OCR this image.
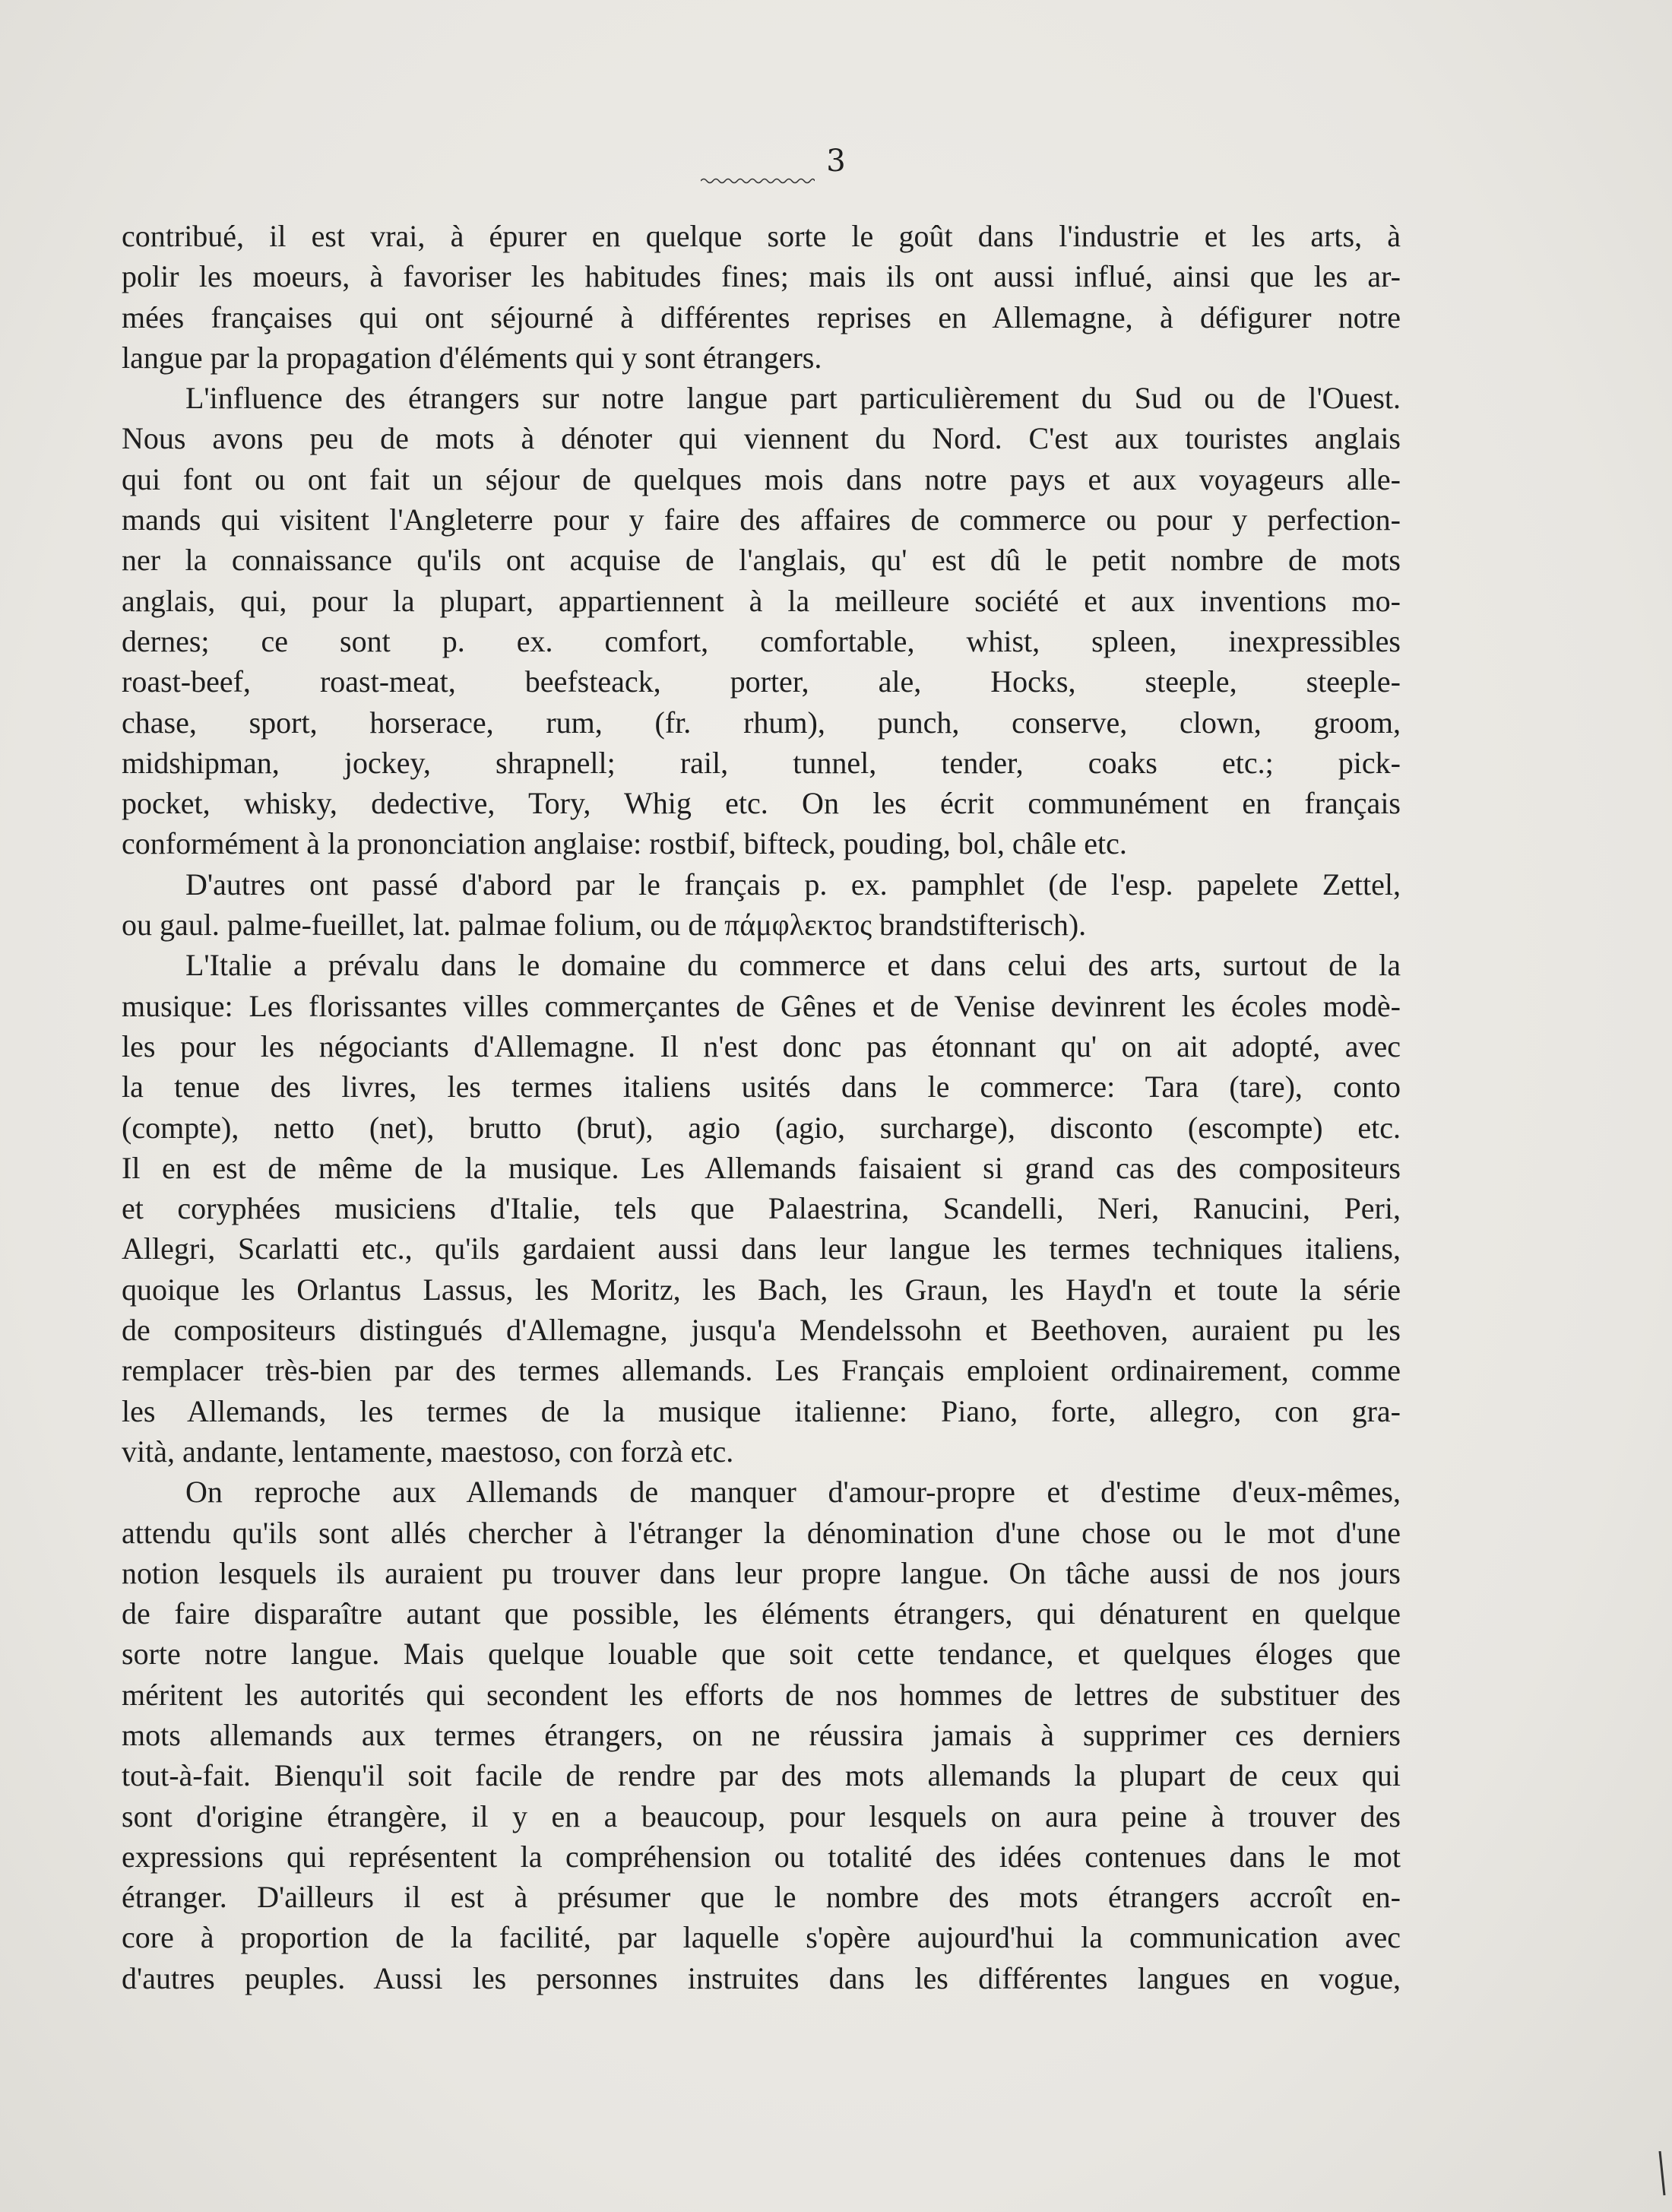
3
contribué, il est vrai, à épurer en quelque sorte le goût dans l'industrie et les arts, à
polir les moeurs, à favoriser les habitudes fines; mais ils ont aussi influé, ainsi que les ar-
mées françaises qui ont séjourné à différentes reprises en Allemagne, à défigurer notre
langue par la propagation d'éléments qui y sont étrangers.
L'influence des étrangers sur notre langue part particulièrement du Sud ou de l'Ouest.
Nous avons peu de mots à dénoter qui viennent du Nord. C'est aux touristes anglais
qui font ou ont fait un séjour de quelques mois dans notre pays et aux voyageurs alle-
mands qui visitent l'Angleterre pour y faire des affaires de commerce ou pour y perfection-
ner la connaissance qu'ils ont acquise de l'anglais, qu' est dû le petit nombre de mots
anglais, qui, pour la plupart, appartiennent à la meilleure société et aux inventions mo-
dernes; ce sont p. ex. comfort, comfortable, whist, spleen, inexpressibles
roast-beef, roast-meat, beefsteack, porter, ale, Hocks, steeple, steeple-
chase, sport, horserace, rum, (fr. rhum), punch, conserve, clown, groom,
midshipman, jockey, shrapnell; rail, tunnel, tender, coaks etc.; pick-
pocket, whisky, dedective, Tory, Whig etc. On les écrit communément en français
conformément à la prononciation anglaise: rostbif, bifteck, pouding, bol, châle etc.
D'autres ont passé d'abord par le français p. ex. pamphlet (de l'esp. papelete Zettel,
ou gaul. palme-fueillet, lat. palmae folium, ou de πάμφλεκτος brandstifterisch).
L'Italie a prévalu dans le domaine du commerce et dans celui des arts, surtout de la
musique: Les florissantes villes commerçantes de Gênes et de Venise devinrent les écoles modè-
les pour les négociants d'Allemagne. Il n'est donc pas étonnant qu' on ait adopté, avec
la tenue des livres, les termes italiens usités dans le commerce: Tara (tare), conto
(compte), netto (net), brutto (brut), agio (agio, surcharge), disconto (escompte) etc.
Il en est de même de la musique. Les Allemands faisaient si grand cas des compositeurs
et coryphées musiciens d'Italie, tels que Palaestrina, Scandelli, Neri, Ranucini, Peri,
Allegri, Scarlatti etc., qu'ils gardaient aussi dans leur langue les termes techniques italiens,
quoique les Orlantus Lassus, les Moritz, les Bach, les Graun, les Hayd'n et toute la série
de compositeurs distingués d'Allemagne, jusqu'a Mendelssohn et Beethoven, auraient pu les
remplacer très-bien par des termes allemands. Les Français emploient ordinairement, comme
les Allemands, les termes de la musique italienne: Piano, forte, allegro, con gra-
vità, andante, lentamente, maestoso, con forzà etc.
On reproche aux Allemands de manquer d'amour-propre et d'estime d'eux-mêmes,
attendu qu'ils sont allés chercher à l'étranger la dénomination d'une chose ou le mot d'une
notion lesquels ils auraient pu trouver dans leur propre langue. On tâche aussi de nos jours
de faire disparaître autant que possible, les éléments étrangers, qui dénaturent en quelque
sorte notre langue. Mais quelque louable que soit cette tendance, et quelques éloges que
méritent les autorités qui secondent les efforts de nos hommes de lettres de substituer des
mots allemands aux termes étrangers, on ne réussira jamais à supprimer ces derniers
tout-à-fait. Bienqu'il soit facile de rendre par des mots allemands la plupart de ceux qui
sont d'origine étrangère, il y en a beaucoup, pour lesquels on aura peine à trouver des
expressions qui représentent la compréhension ou totalité des idées contenues dans le mot
étranger. D'ailleurs il est à présumer que le nombre des mots étrangers accroît en-
core à proportion de la facilité, par laquelle s'opère aujourd'hui la communication avec
d'autres peuples. Aussi les personnes instruites dans les différentes langues en vogue,
